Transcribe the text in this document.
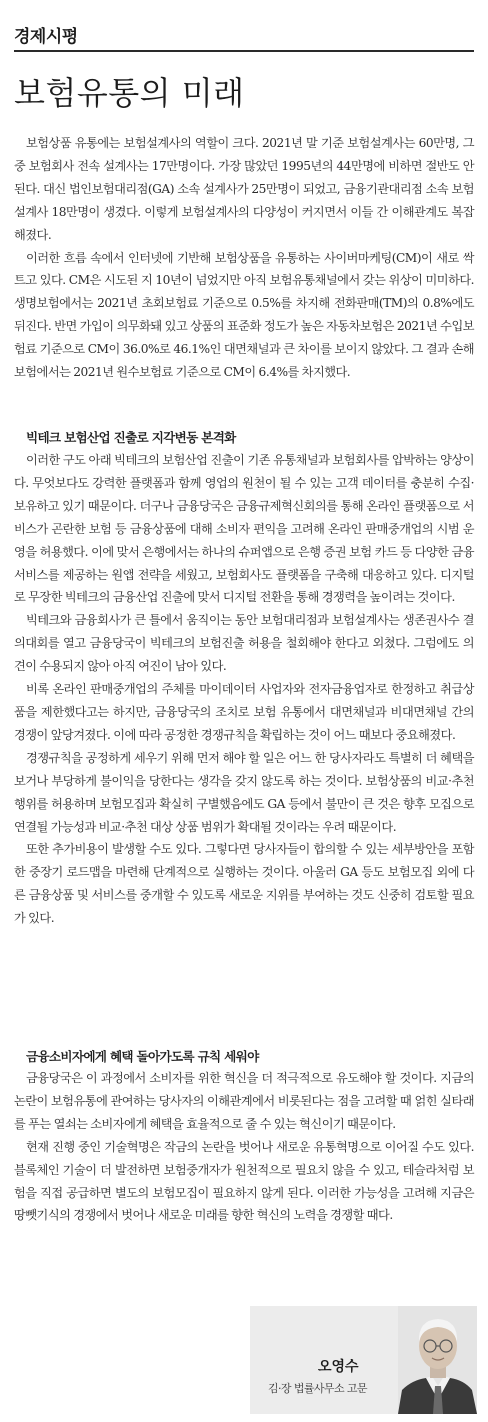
경제시평
보험유통의 미래

보험상품 유통에는 보험설계사의 역할이 크다. 2021년 말 기준 보험설계사는 60만명, 그 중 보험회사 전속 설계사는 17만명이다. 가장 많았던 1995년의 44만명에 비하면 절반도 안된다. 대신 법인보험대리점(GA) 소속 설계사가 25만명이 되었고, 금융기관대리점 소속 보험설계사 18만명이 생겼다. 이렇게 보험설계사의 다양성이 커지면서 이들 간 이해관계도 복잡해졌다.

이러한 흐름 속에서 인터넷에 기반해 보험상품을 유통하는 사이버마케팅(CM)이 새로 싹트고 있다. CM은 시도된 지 10년이 넘었지만 아직 보험유통채널에서 갖는 위상이 미미하다. 생명보험에서는 2021년 초회보험료 기준으로 0.5%를 차지해 전화판매(TM)의 0.8%에도 뒤진다. 반면 가입이 의무화돼 있고 상품의 표준화 정도가 높은 자동차보험은 2021년 수입보험료 기준으로 CM이 36.0%로 46.1%인 대면채널과 큰 차이를 보이지 않았다. 그 결과 손해보험에서는 2021년 원수보험료 기준으로 CM이 6.4%를 차지했다.

빅테크 보험산업 진출로 지각변동 본격화

이러한 구도 아래 빅테크의 보험산업 진출이 기존 유통채널과 보험회사를 압박하는 양상이다. 무엇보다도 강력한 플랫폼과 함께 영업의 원천이 될 수 있는 고객 데이터를 충분히 수집·보유하고 있기 때문이다. 더구나 금융당국은 금융규제혁신회의를 통해 온라인 플랫폼으로 서비스가 곤란한 보험 등 금융상품에 대해 소비자 편익을 고려해 온라인 판매중개업의 시범 운영을 허용했다. 이에 맞서 은행에서는 하나의 슈퍼앱으로 은행 증권 보험 카드 등 다양한 금융서비스를 제공하는 원앱 전략을 세웠고, 보험회사도 플랫폼을 구축해 대응하고 있다. 디지털로 무장한 빅테크의 금융산업 진출에 맞서 디지털 전환을 통해 경쟁력을 높이려는 것이다.

빅테크와 금융회사가 큰 틀에서 움직이는 동안 보험대리점과 보험설계사는 생존권사수 결의대회를 열고 금융당국이 빅테크의 보험진출 허용을 철회해야 한다고 외쳤다. 그럼에도 의견이 수용되지 않아 아직 여진이 남아 있다.

비록 온라인 판매중개업의 주체를 마이데이터 사업자와 전자금융업자로 한정하고 취급상품을 제한했다고는 하지만, 금융당국의 조치로 보험 유통에서 대면채널과 비대면채널 간의 경쟁이 앞당겨졌다. 이에 따라 공정한 경쟁규칙을 확립하는 것이 어느 때보다 중요해졌다.

경쟁규칙을 공정하게 세우기 위해 먼저 해야 할 일은 어느 한 당사자라도 특별히 더 혜택을 보거나 부당하게 불이익을 당한다는 생각을 갖지 않도록 하는 것이다. 보험상품의 비교·추천 행위를 허용하며 보험모집과 확실히 구별했음에도 GA 등에서 불만이 큰 것은 향후 모집으로 연결될 가능성과 비교·추천 대상 상품 범위가 확대될 것이라는 우려 때문이다.

또한 추가비용이 발생할 수도 있다. 그렇다면 당사자들이 합의할 수 있는 세부방안을 포함한 중장기 로드맵을 마련해 단계적으로 실행하는 것이다. 아울러 GA 등도 보험모집 외에 다른 금융상품 및 서비스를 중개할 수 있도록 새로운 지위를 부여하는 것도 신중히 검토할 필요가 있다.

금융소비자에게 혜택 돌아가도록 규칙 세워야

금융당국은 이 과정에서 소비자를 위한 혁신을 더 적극적으로 유도해야 할 것이다. 지금의 논란이 보험유통에 관여하는 당사자의 이해관계에서 비롯된다는 점을 고려할 때 얽힌 실타래를 푸는 열쇠는 소비자에게 혜택을 효율적으로 줄 수 있는 혁신이기 때문이다.

현재 진행 중인 기술혁명은 작금의 논란을 벗어나 새로운 유통혁명으로 이어질 수도 있다. 블록체인 기술이 더 발전하면 보험중개자가 원천적으로 필요치 않을 수 있고, 테슬라처럼 보험을 직접 공급하면 별도의 보험모집이 필요하지 않게 된다. 이러한 가능성을 고려해 지금은 땅뺏기식의 경쟁에서 벗어나 새로운 미래를 향한 혁신의 노력을 경쟁할 때다.

오영수
김·장 법률사무소 고문
